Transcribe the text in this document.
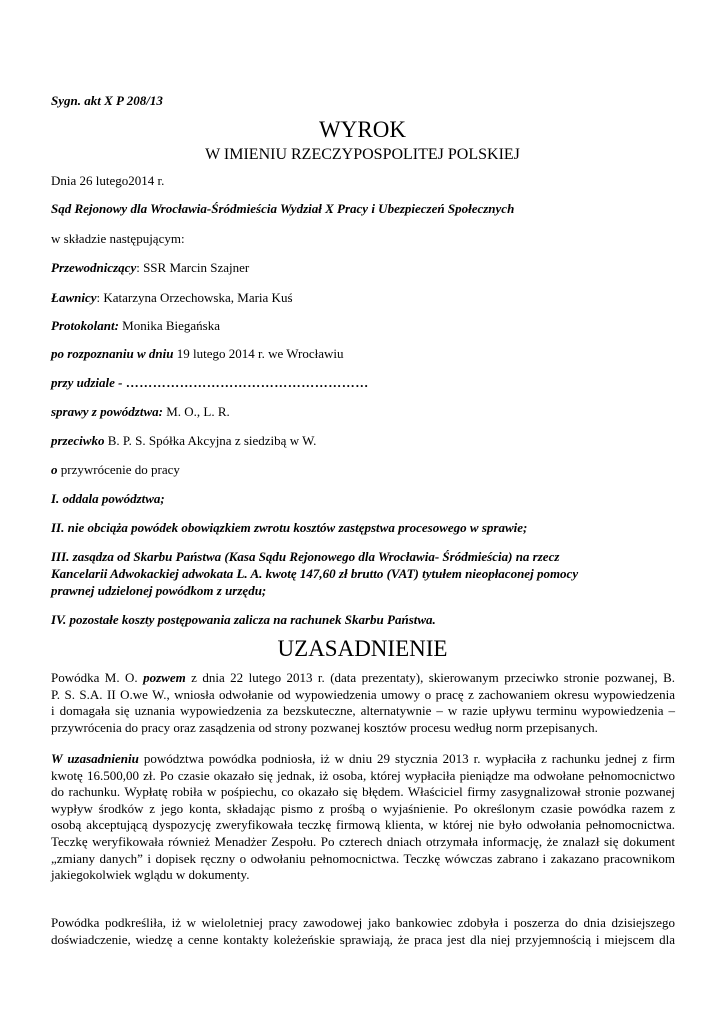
Sygn. akt X P 208/13
WYROK
W IMIENIU RZECZYPOSPOLITEJ POLSKIEJ
Dnia 26 lutego2014 r.
Sąd Rejonowy dla Wrocławia-Śródmieścia Wydział X Pracy i Ubezpieczeń Społecznych
w składzie następującym:
Przewodniczący: SSR Marcin Szajner
Ławnicy: Katarzyna Orzechowska, Maria Kuś
Protokolant: Monika Biegańska
po rozpoznaniu w dniu 19 lutego 2014 r. we Wrocławiu
przy udziale - ………………………………………………
sprawy z powództwa: M. O., L. R.
przeciwko B. P. S. Spółka Akcyjna z siedzibą w W.
o przywrócenie do pracy
I. oddala powództwa;
II. nie obciąża powódek obowiązkiem zwrotu kosztów zastępstwa procesowego w sprawie;
III. zasądza od Skarbu Państwa (Kasa Sądu Rejonowego dla Wrocławia- Śródmieścia) na rzecz
Kancelarii Adwokackiej adwokata L. A. kwotę 147,60 zł brutto (VAT) tytułem nieopłaconej pomocy
prawnej udzielonej powódkom z urzędu;
IV. pozostałe koszty postępowania zalicza na rachunek Skarbu Państwa.
UZASADNIENIE
Powódka M. O. pozwem z dnia 22 lutego 2013 r. (data prezentaty), skierowanym przeciwko stronie pozwanej, B.
P. S. S.A. II O.we W., wniosła odwołanie od wypowiedzenia umowy o pracę z zachowaniem okresu wypowiedzenia
i domagała się uznania wypowiedzenia za bezskuteczne, alternatywnie – w razie upływu terminu wypowiedzenia –
przywrócenia do pracy oraz zasądzenia od strony pozwanej kosztów procesu według norm przepisanych.
W uzasadnieniu powództwa powódka podniosła, iż w dniu 29 stycznia 2013 r. wypłaciła z rachunku jednej z firm
kwotę 16.500,00 zł. Po czasie okazało się jednak, iż osoba, której wypłaciła pieniądze ma odwołane pełnomocnictwo
do rachunku. Wypłatę robiła w pośpiechu, co okazało się błędem. Właściciel firmy zasygnalizował stronie pozwanej
wypływ środków z jego konta, składając pismo z prośbą o wyjaśnienie. Po określonym czasie powódka razem z
osobą akceptującą dyspozycję zweryfikowała teczkę firmową klienta, w której nie było odwołania pełnomocnictwa.
Teczkę weryfikowała również Menadżer Zespołu. Po czterech dniach otrzymała informację, że znalazł się dokument
„zmiany danych” i dopisek ręczny o odwołaniu pełnomocnictwa. Teczkę wówczas zabrano i zakazano pracownikom
jakiegokolwiek wglądu w dokumenty.
Powódka podkreśliła, iż w wieloletniej pracy zawodowej jako bankowiec zdobyła i poszerza do dnia dzisiejszego
doświadczenie, wiedzę a cenne kontakty koleżeńskie sprawiają, że praca jest dla niej przyjemnością i miejscem dla
